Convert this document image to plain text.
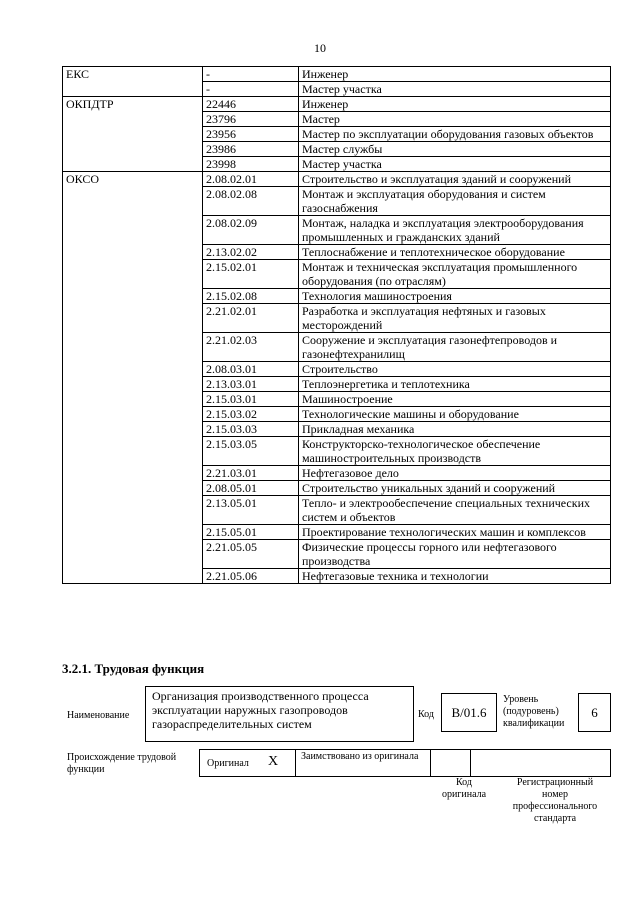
10
ЕКС	-	Инженер
	-	Мастер участка
ОКПДТР	22446	Инженер
	23796	Мастер
	23956	Мастер по эксплуатации оборудования газовых объектов
	23986	Мастер службы
	23998	Мастер участка
ОКСО	2.08.02.01	Строительство и эксплуатация зданий и сооружений
	2.08.02.08	Монтаж и эксплуатация оборудования и систем газоснабжения
	2.08.02.09	Монтаж, наладка и эксплуатация электрооборудования промышленных и гражданских зданий
	2.13.02.02	Теплоснабжение и теплотехническое оборудование
	2.15.02.01	Монтаж и техническая эксплуатация промышленного оборудования (по отраслям)
	2.15.02.08	Технология машиностроения
	2.21.02.01	Разработка и эксплуатация нефтяных и газовых месторождений
	2.21.02.03	Сооружение и эксплуатация газонефтепроводов и газонефтехранилищ
	2.08.03.01	Строительство
	2.13.03.01	Теплоэнергетика и теплотехника
	2.15.03.01	Машиностроение
	2.15.03.02	Технологические машины и оборудование
	2.15.03.03	Прикладная механика
	2.15.03.05	Конструкторско-технологическое обеспечение машиностроительных производств
	2.21.03.01	Нефтегазовое дело
	2.08.05.01	Строительство уникальных зданий и сооружений
	2.13.05.01	Тепло- и электрообеспечение специальных технических систем и объектов
	2.15.05.01	Проектирование технологических машин и комплексов
	2.21.05.05	Физические процессы горного или нефтегазового производства
	2.21.05.06	Нефтегазовые техника и технологии
3.2.1. Трудовая функция
Наименование
Организация производственного процесса эксплуатации наружных газопроводов газораспределительных систем
Код	В/01.6
Уровень (подуровень) квалификации
6
Происхождение трудовой функции
Оригинал X Заимствовано из оригинала
Код оригинала
Регистрационный номер профессионального стандарта
